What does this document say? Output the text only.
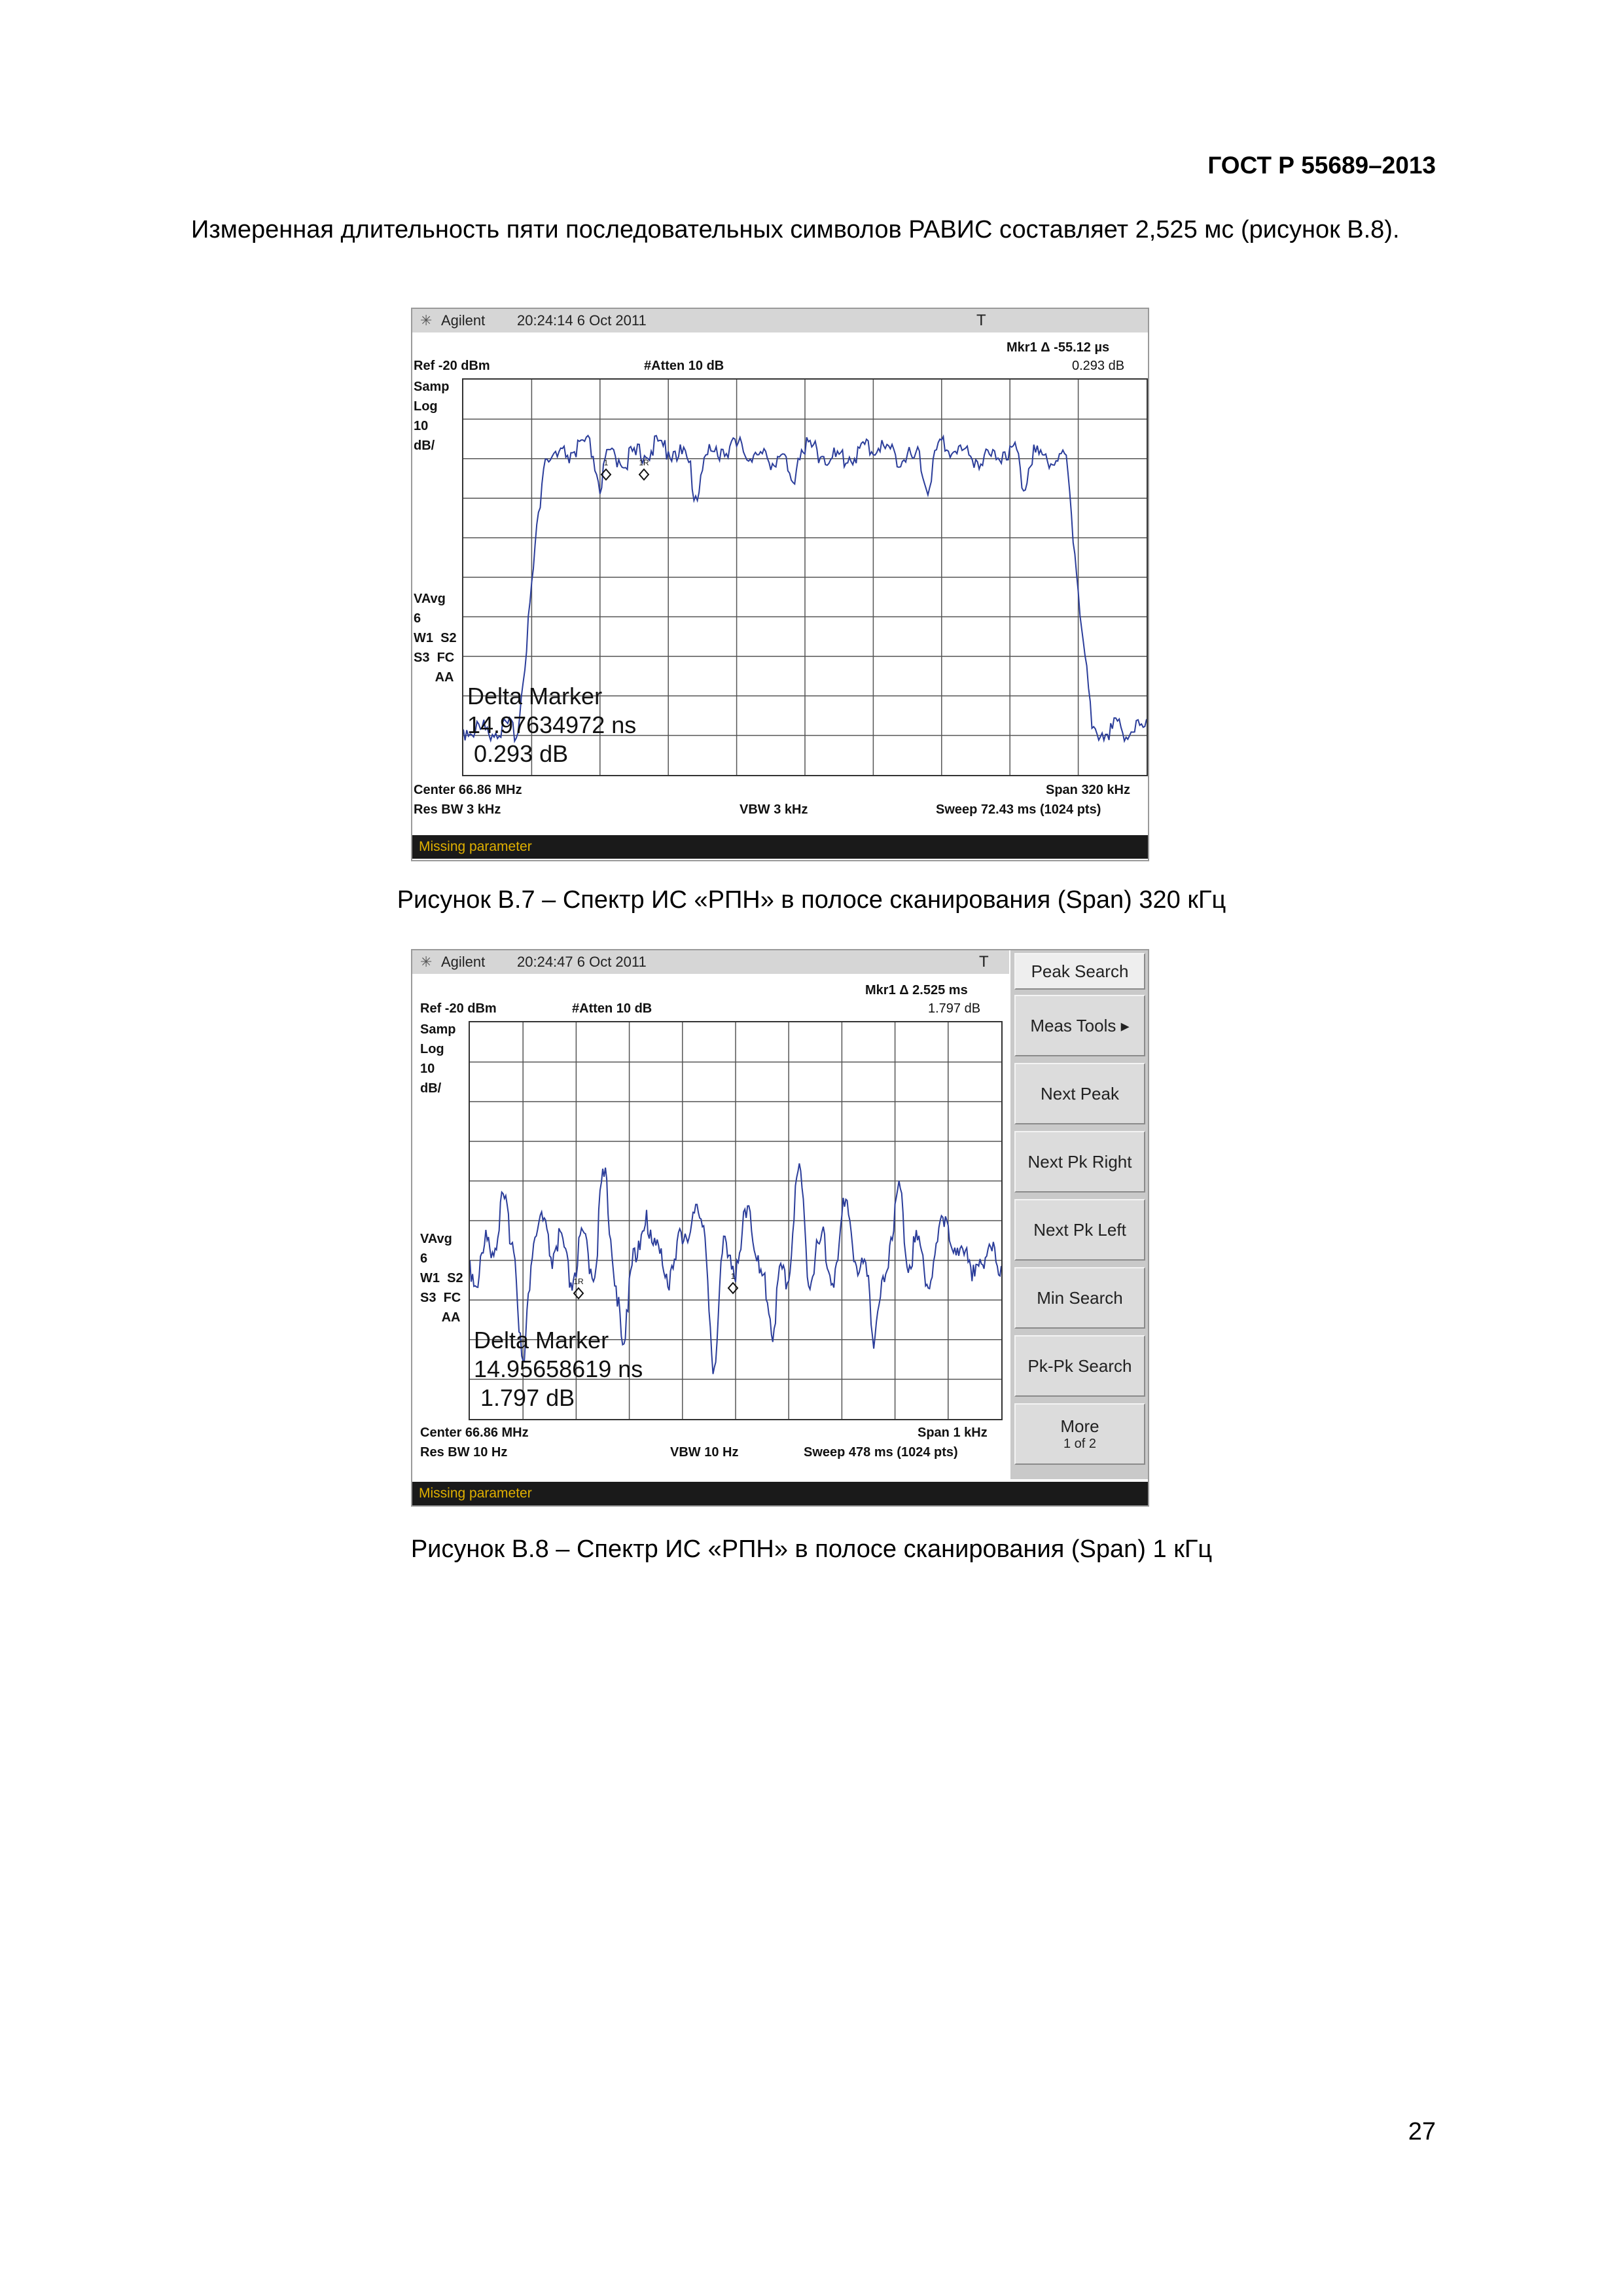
ГОСТ Р 55689–2013
Измеренная длительность пяти последовательных символов РАВИС составляет 2,525 мс (рисунок В.8).
✳ Agilent 20:24:14 6 Oct 2011	T
Mkr1 Δ -55.12 µs
0.293 dB
Ref -20 dBm	#Atten 10 dB
Samp
Log
10
dB/
VAvg
6
W1  S2
S3  FC
AA
1	1R
Delta Marker
14.97634972 ns
0.293 dB
Center 66.86 MHz	Span 320 kHz
Res BW 3 kHz	VBW 3 kHz	Sweep 72.43 ms (1024 pts)
Missing parameter
Рисунок В.7 – Спектр ИС «РПН» в полосе сканирования (Span) 320 кГц
✳ Agilent 20:24:47 6 Oct 2011	T
Mkr1 Δ 2.525 ms
1.797 dB
Ref -20 dBm	#Atten 10 dB
Samp
Log
10
dB/
VAvg
6
W1  S2
S3  FC
AA
1R
1
Delta Marker
14.95658619 ns
1.797 dB
Center 66.86 MHz	Span 1 kHz
Res BW 10 Hz	VBW 10 Hz	Sweep 478 ms (1024 pts)
Peak Search
Meas Tools ▸
Next Peak
Next Pk Right
Next Pk Left
Min Search
Pk-Pk Search
More
1 of 2
Missing parameter
Рисунок В.8 – Спектр ИС «РПН» в полосе сканирования (Span) 1 кГц
27
